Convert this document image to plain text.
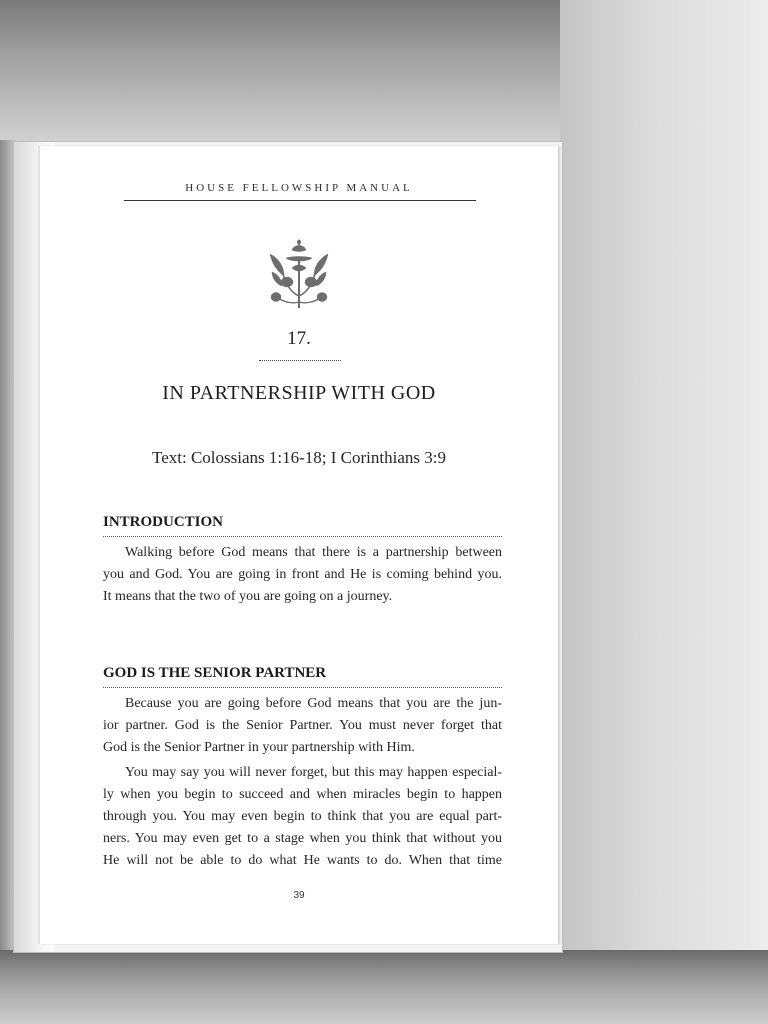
HOUSE FELLOWSHIP MANUAL
17.
IN PARTNERSHIP WITH GOD
Text: Colossians 1:16-18; I Corinthians 3:9
INTRODUCTION

Walking before God means that there is a partnership between
you and God. You are going in front and He is coming behind you.
It means that the two of you are going on a journey.

GOD IS THE SENIOR PARTNER

Because you are going before God means that you are the jun-
ior partner. God is the Senior Partner. You must never forget that
God is the Senior Partner in your partnership with Him.

You may say you will never forget, but this may happen especial-
ly when you begin to succeed and when miracles begin to happen
through you. You may even begin to think that you are equal part-
ners. You may even get to a stage when you think that without you
He will not be able to do what He wants to do. When that time

39
